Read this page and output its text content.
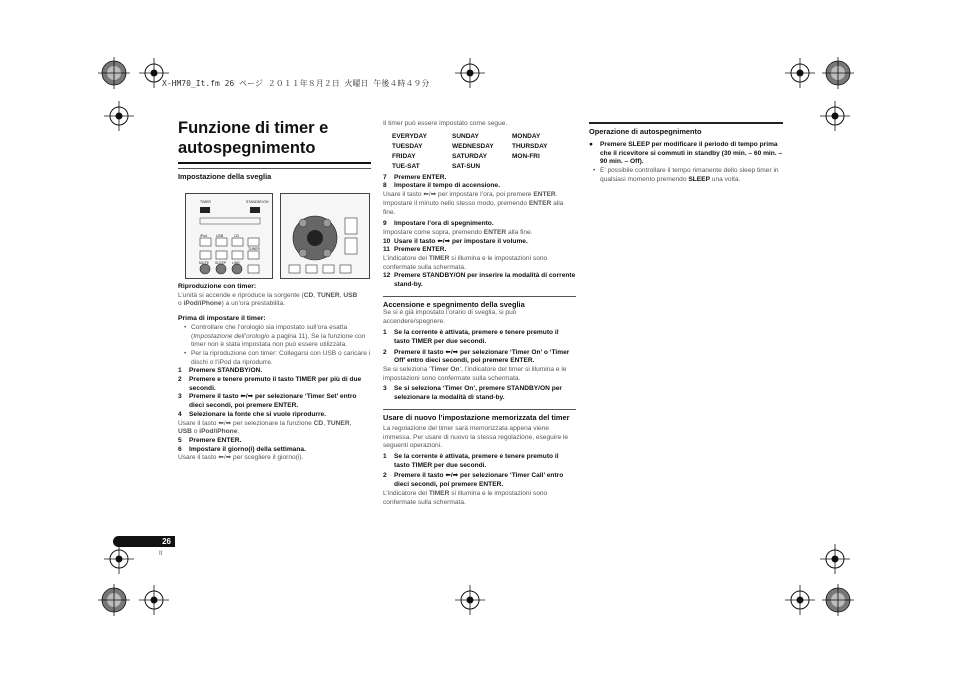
X-HM70_It.fm 26 ページ ２０１１年８月２日 火曜日 午後４時４９分
Funzione di timer e
autospegnimento
Impostazione della sveglia
TIMER	STANDBY/ON
iPod	USB	CD
TUNER
MUTE SLEEP LINE
Riproduzione con timer:

L’unità si accende e riproduce la sorgente (CD, TUNER, USB
o iPod/iPhone) a un’ora prestabilita.

Prima di impostare il timer:
• Controllare che l’orologio sia impostato sull’ora esatta (Impostazione dell’orologio a pagina 11). Se la funzione con timer non è stata impostata non può essere utilizzata.
• Per la riproduzione con timer: Collegarsi con USB o caricare i dischi o l’iPod da riprodurre.
1	Premere STANDBY/ON.
2	Premere e tenere premuto il tasto TIMER per più di due secondi.
3	Premere il tasto ⬅/➡ per selezionare ‘Timer Set’ entro dieci secondi, poi premere ENTER.
4	Selezionare la fonte che si vuole riprodurre.

Usare il tasto ⬅/➡ per selezionare la funzione CD, TUNER,
USB o iPod/iPhone.

5	Premere ENTER.
6	Impostare il giorno(i) della settimana.

Usare il tasto ⬅/➡ per scegliere il giorno(i).

Il timer può essere impostato come segue.

EVERYDAY	SUNDAY	MONDAY
TUESDAY	WEDNESDAY	THURSDAY
FRIDAY	SATURDAY	MON-FRI
TUE-SAT	SAT-SUN
7	Premere ENTER.
8	Impostare il tempo di accensione.

Usare il tasto ⬅/➡ per impostare l’ora, poi premere ENTER. Impostare il minuto nello stesso modo, premendo ENTER alla fine.

9	Impostare l’ora di spegnimento.

Impostare come sopra, premendo ENTER alla fine.

10 Usare il tasto ⬅/➡ per impostare il volume.
11 Premere ENTER.

L’indicatore del TIMER si illumina e le impostazioni sono confermate sulla schermata.

12 Premere STANDBY/ON per inserire la modalità di corrente stand-by.
Accensione e spegnimento della sveglia

Se si è già impostato l’orario di sveglia, si può accendere/spegnere.

1	Se la corrente è attivata, premere e tenere premuto il tasto TIMER per due secondi.
2	Premere il tasto ⬅/➡ per selezionare ‘Timer On’ o ‘Timer Off’ entro dieci secondi, poi premere ENTER.

Se si seleziona ‘Timer On’, l’indicatore del timer si illumina e le impostazioni sono confermate sulla schermata.

3	Se si seleziona ‘Timer On’, premere STANDBY/ON per selezionare la modalità di stand-by.
Usare di nuovo l’impostazione memorizzata del timer

La regolazione del timer sarà memorizzata appena viene immessa. Per usare di nuovo la stessa regolazione, eseguire le seguenti operazioni.

1	Se la corrente è attivata, premere e tenere premuto il tasto TIMER per due secondi.
2	Premere il tasto ⬅/➡ per selezionare ‘Timer Call’ entro dieci secondi, poi premere ENTER.

L’indicatore del TIMER si illumina e le impostazioni sono confermate sulla schermata.

Operazione di autospegnimento
●	Premere SLEEP per modificare il periodo di tempo prima che il ricevitore si commuti in standby (30 min. – 60 min. – 90 min. – Off).
• E’ possibile controllare il tempo rimanente dello sleep timer in qualsiasi momento premendo SLEEP una volta.
26
It
